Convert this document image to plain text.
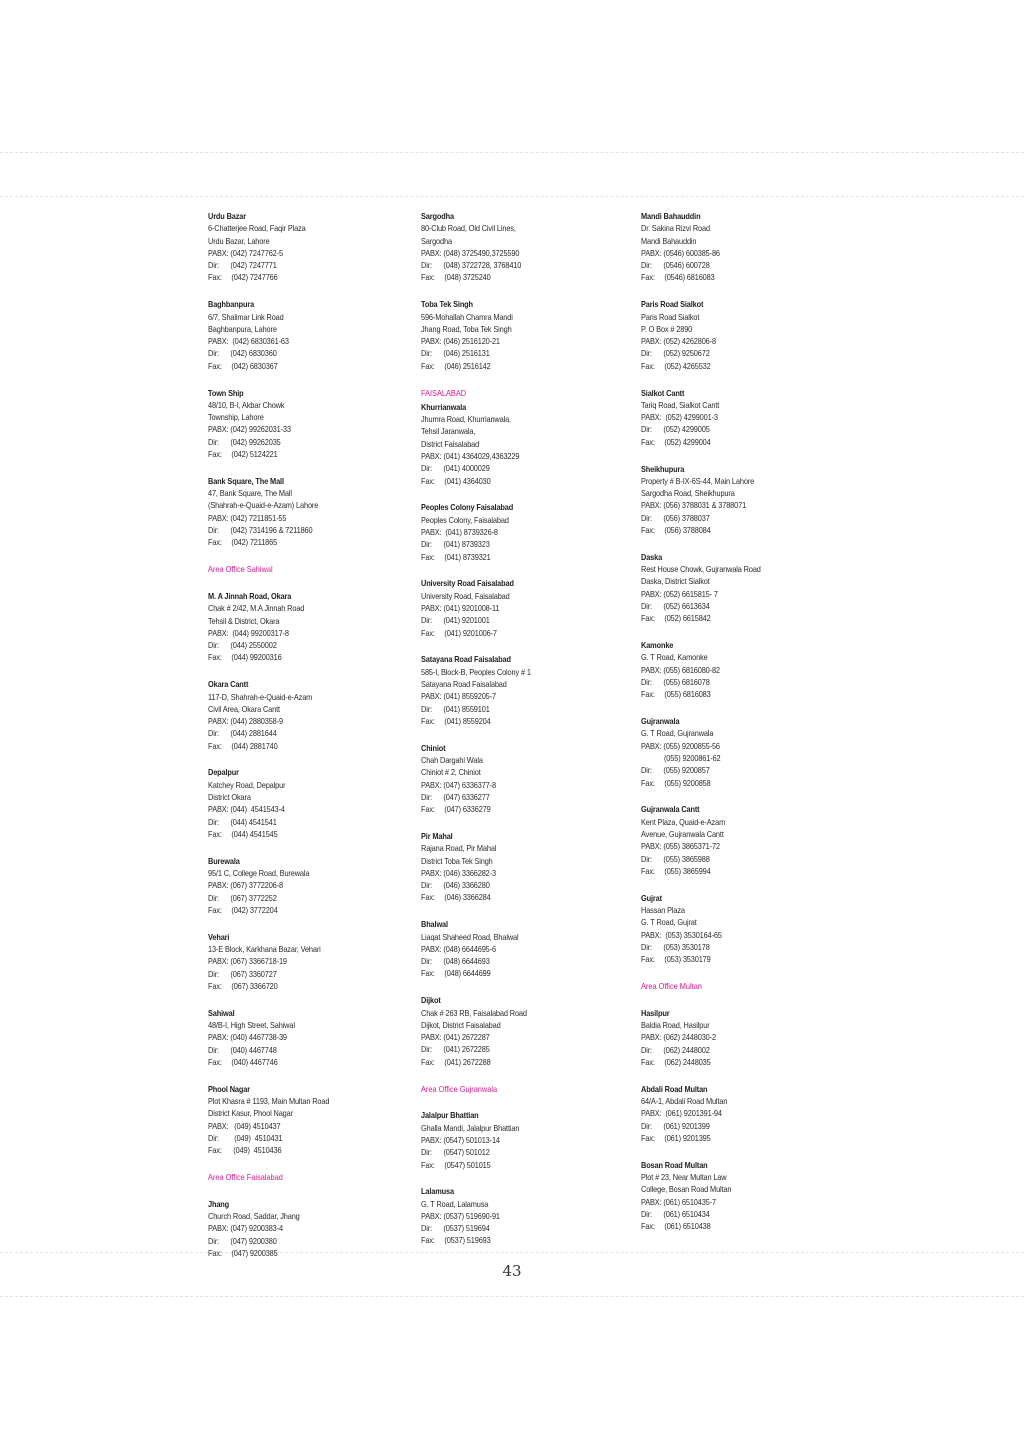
Urdu Bazar
6-Chatterjee Road, Faqir Plaza
Urdu Bazar, Lahore
PABX: (042) 7247762-5
Dir:      (042) 7247771
Fax:     (042) 7247766
Baghbanpura
6/7, Shalimar Link Road
Baghbanpura, Lahore
PABX:  (042) 6830361-63
Dir:      (042) 6830360
Fax:     (042) 6830367
Town Ship
48/10, B-I, Akbar Chowk
Township, Lahore
PABX: (042) 99262031-33
Dir:      (042) 99262035
Fax:     (042) 5124221
Bank Square, The Mall
47, Bank Square, The Mall
(Shahrah-e-Quaid-e-Azam) Lahore
PABX: (042) 7211851-55
Dir:      (042) 7314196 & 7211860
Fax:     (042) 7211865
Area Office Sahiwal
M. A Jinnah Road, Okara
Chak # 2/42, M.A Jinnah Road
Tehsil & District, Okara
PABX:  (044) 99200317-8
Dir:      (044) 2550002
Fax:     (044) 99200316
Okara Cantt
117-D, Shahrah-e-Quaid-e-Azam
Civil Area, Okara Cantt
PABX: (044) 2880358-9
Dir:      (044) 2881644
Fax:     (044) 2881740
Depalpur
Katchey Road, Depalpur
District Okara
PABX: (044)  4541543-4
Dir:      (044) 4541541
Fax:     (044) 4541545
Burewala
95/1 C, College Road, Burewala
PABX: (067) 3772206-8
Dir:      (067) 3772252
Fax:     (042) 3772204
Vehari
13-E Block, Karkhana Bazar, Vehari
PABX: (067) 3366718-19
Dir:      (067) 3360727
Fax:     (067) 3366720
Sahiwal
48/B-I, High Street, Sahiwal
PABX: (040) 4467738-39
Dir:      (040) 4467748
Fax:     (040) 4467746
Phool Nagar
Plot Khasra # 1193, Main Multan Road
District Kasur, Phool Nagar
PABX:   (049) 4510437
Dir:        (049)  4510431
Fax:      (049)  4510436
Area Office Faisalabad
Jhang
Church Road, Saddar, Jhang
PABX: (047) 9200383-4
Dir:      (047) 9200380
Fax:     (047) 9200385
Sargodha
80-Club Road, Old Civil Lines,
Sargodha
PABX: (048) 3725490,3725590
Dir:      (048) 3722728, 3768410
Fax:     (048) 3725240
Toba Tek Singh
596-Mohallah Chamra Mandi
Jhang Road, Toba Tek Singh
PABX: (046) 2516120-21
Dir:      (046) 2516131
Fax:     (046) 2516142
FAISALABAD
Khurrianwala
Jhumra Road, Khurrianwala,
Tehsil Jaranwala,
District Faisalabad
PABX: (041) 4364029,4363229
Dir:      (041) 4000029
Fax:     (041) 4364030
Peoples Colony Faisalabad
Peoples Colony, Faisalabad
PABX:  (041) 8739326-8
Dir:      (041) 8739323
Fax:     (041) 8739321
University Road Faisalabad
University Road, Faisalabad
PABX: (041) 9201008-11
Dir:      (041) 9201001
Fax:     (041) 9201006-7
Satayana Road Faisalabad
585-I, Block-B, Peoples Colony # 1
Satayana Road Faisalabad
PABX: (041) 8559205-7
Dir:      (041) 8559101
Fax:     (041) 8559204
Chiniot
Chah Dargahi Wala
Chiniot # 2, Chiniot
PABX: (047) 6336377-8
Dir:      (047) 6336277
Fax:     (047) 6336279
Pir Mahal
Rajana Road, Pir Mahal
District Toba Tek Singh
PABX: (046) 3366282-3
Dir:      (046) 3366280
Fax:     (046) 3366284
Bhalwal
Liaqat Shaheed Road, Bhalwal
PABX: (048) 6644695-6
Dir:      (048) 6644693
Fax:     (048) 6644699
Dijkot
Chak # 263 RB, Faisalabad Road
Dijkot, District Faisalabad
PABX: (041) 2672287
Dir:      (041) 2672285
Fax:     (041) 2672288
Area Office Gujranwala
Jalalpur Bhattian
Ghalla Mandi, Jalalpur Bhattian
PABX: (0547) 501013-14
Dir:      (0547) 501012
Fax:     (0547) 501015
Lalamusa
G. T Road, Lalamusa
PABX: (0537) 519690-91
Dir:      (0537) 519694
Fax:     (0537) 519693
Mandi Bahauddin
Dr. Sakina Rizvi Road
Mandi Bahauddin
PABX: (0546) 600385-86
Dir:      (0546) 600728
Fax:     (0546) 6816083
Paris Road Sialkot
Paris Road Sialkot
P. O Box # 2890
PABX: (052) 4262806-8
Dir:      (052) 9250672
Fax:     (052) 4265532
Sialkot Cantt
Tariq Road, Sialkot Cantt
PABX:  (052) 4299001-3
Dir:      (052) 4299005
Fax:     (052) 4299004
Sheikhupura
Property # B-IX-6S-44, Main Lahore
Sargodha Road, Sheikhupura
PABX: (056) 3788031 & 3788071
Dir:      (056) 3788037
Fax:     (056) 3788084
Daska
Rest House Chowk, Gujranwala Road
Daska, District Sialkot
PABX: (052) 6615815- 7
Dir:      (052) 6613634
Fax:     (052) 6615842
Kamonke
G. T Road, Kamonke
PABX: (055) 6816080-82
Dir:      (055) 6816078
Fax:     (055) 6816083
Gujranwala
G. T Road, Gujranwala
PABX: (055) 9200855-56
(055) 9200861-62
Dir:      (055) 9200857
Fax:     (055) 9200858
Gujranwala Cantt
Kent Plaza, Quaid-e-Azam
Avenue, Gujranwala Cantt
PABX: (055) 3865371-72
Dir:      (055) 3865988
Fax:     (055) 3865994
Gujrat
Hassan Plaza
G. T Road, Gujrat
PABX:  (053) 3530164-65
Dir:      (053) 3530178
Fax:     (053) 3530179
Area Office Multan
Hasilpur
Baldia Road, Hasilpur
PABX: (062) 2448030-2
Dir:      (062) 2448002
Fax:     (062) 2448035
Abdali Road Multan
64/A-1, Abdali Road Multan
PABX:  (061) 9201391-94
Dir:      (061) 9201399
Fax:     (061) 9201395
Bosan Road Multan
Plot # 23, Near Multan Law
College, Bosan Road Multan
PABX: (061) 6510435-7
Dir:      (061) 6510434
Fax:     (061) 6510438
43
